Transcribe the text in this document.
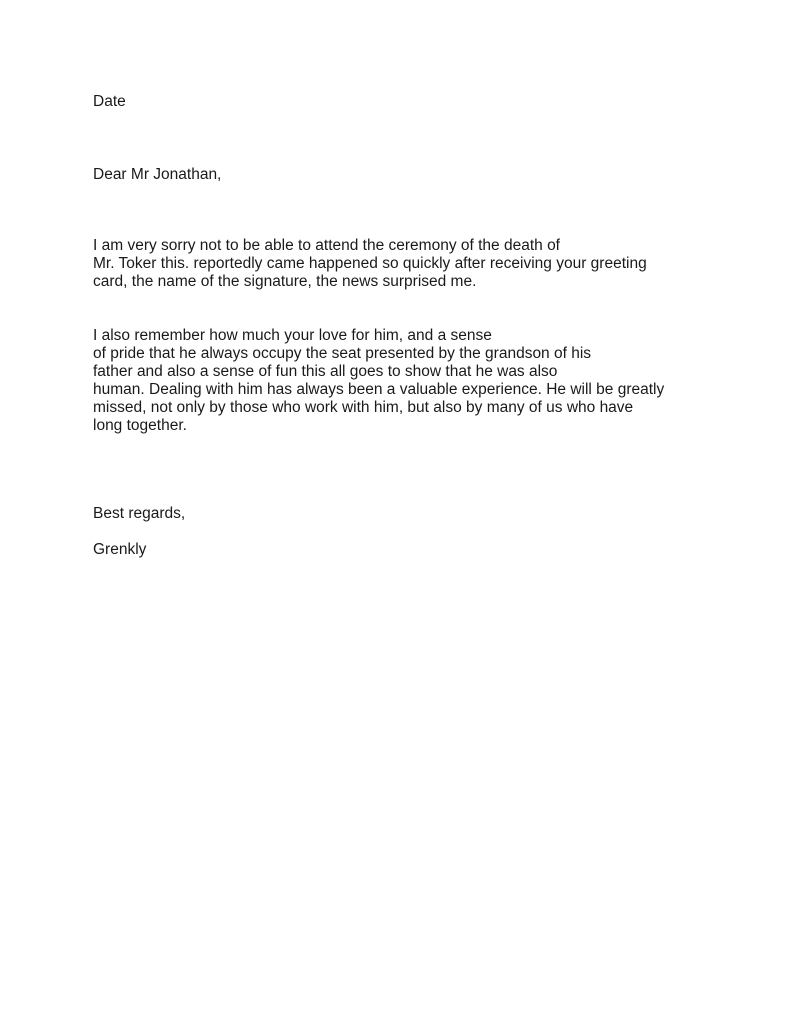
Date
Dear Mr Jonathan,
I am very sorry not to be able to attend the ceremony of the death of
Mr. Toker this. reportedly came happened so quickly after receiving your greeting
card, the name of the signature, the news surprised me.
I also remember how much your love for him, and a sense
of pride that he always occupy the seat presented by the grandson of his
father and also a sense of fun this all goes to show that he was also
human. Dealing with him has always been a valuable experience. He will be greatly
missed, not only by those who work with him, but also by many of us who have
long together.
Best regards,
Grenkly
